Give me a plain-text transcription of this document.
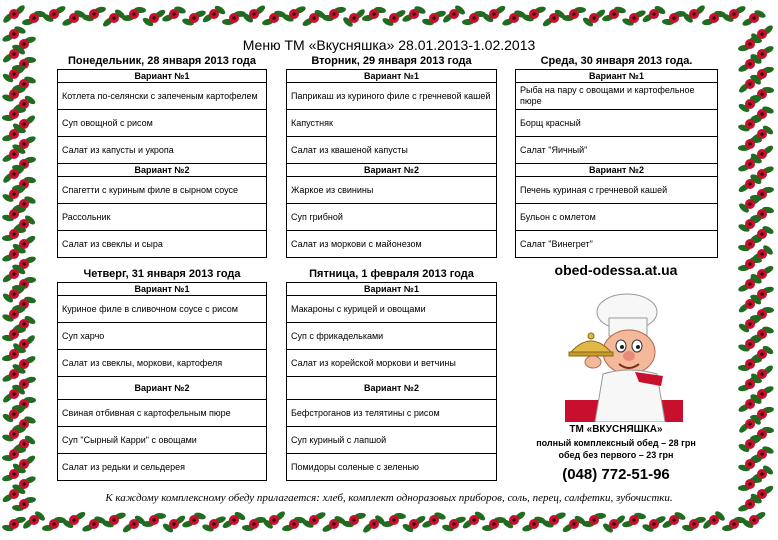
Меню ТМ «Вкусняшка» 28.01.2013-1.02.2013
Понедельник, 28 января 2013 года
Вариант №1
Котлета по-селянски с запеченым картофелем
Суп овощной с рисом
Салат из капусты и укропа
Вариант №2
Спагетти с куриным филе в сырном соусе
Рассольник
Салат из свеклы и сыра
Вторник, 29 января 2013 года
Вариант №1
Паприкаш из куриного филе с гречневой кашей
Капустняк
Салат из квашеной капусты
Вариант №2
Жаркое из свинины
Суп грибной
Салат из моркови с майонезом
Среда, 30 января 2013 года.
Вариант №1
Рыба на пару с овощами и картофельное пюре
Борщ красный
Салат "Яичный"
Вариант №2
Печень куриная с гречневой кашей
Бульон с омлетом
Салат "Винегрет"
Четверг, 31 января 2013 года
Вариант №1
Куриное филе в сливочном соусе с рисом
Суп харчо
Салат из свеклы, моркови, картофеля
Вариант №2
Свиная отбивная с картофельным пюре
Суп "Сырный Карри" с овощами
Салат из редьки и сельдерея
Пятница, 1 февраля 2013 года
Вариант №1
Макароны с курицей и овощами
Суп с фрикадельками
Салат из корейской моркови и ветчины
Вариант №2
Бефстроганов из телятины с рисом
Суп куриный с лапшой
Помидоры соленые с зеленью
obed-odessa.at.ua
ТМ «ВКУСНЯШКА»
полный комплексный обед – 28 грн
обед без первого – 23 грн
(048) 772-51-96
К каждому комплексному обеду прилагается: хлеб, комплект одноразовых приборов, соль, перец, салфетки, зубочистки.
